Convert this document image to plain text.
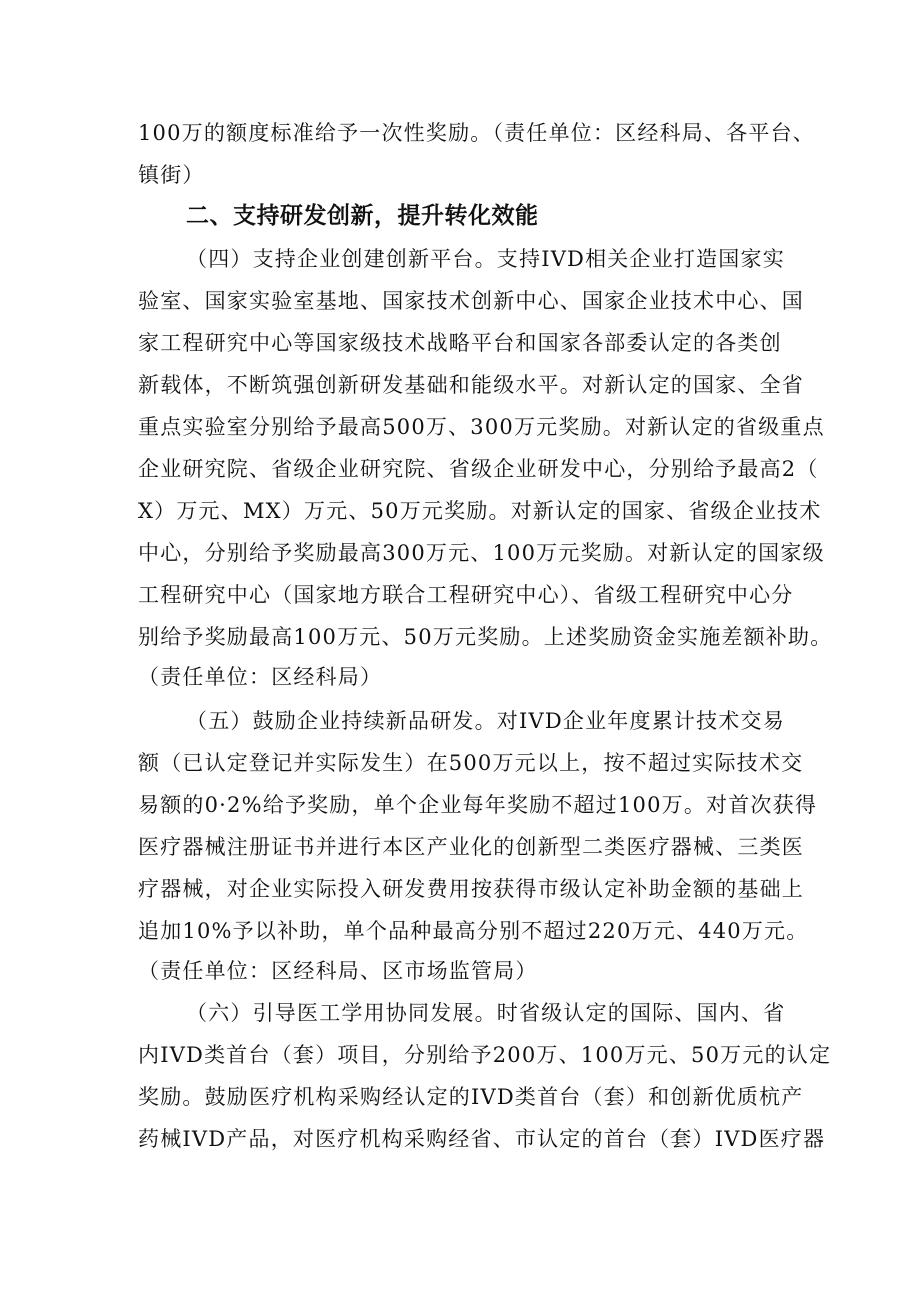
100万的额度标准给予一次性奖励。（责任单位：区经科局、各平台、
镇街）
二、支持研发创新，提升转化效能
（四）支持企业创建创新平台。支持IVD相关企业打造国家实
验室、国家实验室基地、国家技术创新中心、国家企业技术中心、国
家工程研究中心等国家级技术战略平台和国家各部委认定的各类创
新载体，不断筑强创新研发基础和能级水平。对新认定的国家、全省
重点实验室分别给予最高500万、300万元奖励。对新认定的省级重点
企业研究院、省级企业研究院、省级企业研发中心，分别给予最高2（
X）万元、MX）万元、50万元奖励。对新认定的国家、省级企业技术
中心，分别给予奖励最高300万元、100万元奖励。对新认定的国家级
工程研究中心（国家地方联合工程研究中心）、省级工程研究中心分
别给予奖励最高100万元、50万元奖励。上述奖励资金实施差额补助。
（责任单位：区经科局）
（五）鼓励企业持续新品研发。对IVD企业年度累计技术交易
额（已认定登记并实际发生）在500万元以上，按不超过实际技术交
易额的0·2%给予奖励，单个企业每年奖励不超过100万。对首次获得
医疗器械注册证书并进行本区产业化的创新型二类医疗器械、三类医
疗器械，对企业实际投入研发费用按获得市级认定补助金额的基础上
追加10%予以补助，单个品种最高分别不超过220万元、440万元。
（责任单位：区经科局、区市场监管局）
（六）引导医工学用协同发展。时省级认定的国际、国内、省
内IVD类首台（套）项目，分别给予200万、100万元、50万元的认定
奖励。鼓励医疗机构采购经认定的IVD类首台（套）和创新优质杭产
药械IVD产品，对医疗机构采购经省、市认定的首台（套）IVD医疗器
